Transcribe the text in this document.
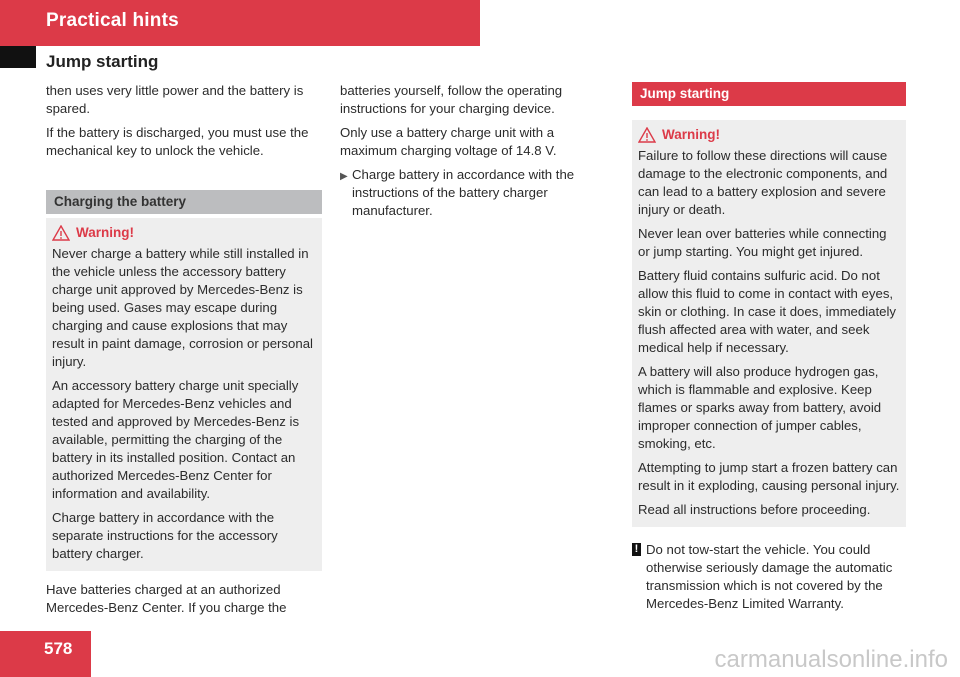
Practical hints
Jump starting

then uses very little power and the battery is spared.

If the battery is discharged, you must use the mechanical key to unlock the vehicle.

Charging the battery
Warning!

Never charge a battery while still installed in the vehicle unless the accessory battery charge unit approved by Mercedes-Benz is being used. Gases may escape during charging and cause explosions that may result in paint damage, corrosion or personal injury.

An accessory battery charge unit specially adapted for Mercedes-Benz vehicles and tested and approved by Mercedes-Benz is available, permitting the charging of the battery in its installed position. Contact an authorized Mercedes-Benz Center for information and availability.

Charge battery in accordance with the separate instructions for the accessory battery charger.

Have batteries charged at an authorized Mercedes-Benz Center. If you charge the

batteries yourself, follow the operating instructions for your charging device.

Only use a battery charge unit with a maximum charging voltage of 14.8 V.

▶ Charge battery in accordance with the instructions of the battery charger manufacturer.
Jump starting
Warning!

Failure to follow these directions will cause damage to the electronic components, and can lead to a battery explosion and severe injury or death.

Never lean over batteries while connecting or jump starting. You might get injured.

Battery fluid contains sulfuric acid. Do not allow this fluid to come in contact with eyes, skin or clothing. In case it does, immediately flush affected area with water, and seek medical help if necessary.

A battery will also produce hydrogen gas, which is flammable and explosive. Keep flames or sparks away from battery, avoid improper connection of jumper cables, smoking, etc.

Attempting to jump start a frozen battery can result in it exploding, causing personal injury.

Read all instructions before proceeding.

! Do not tow-start the vehicle. You could otherwise seriously damage the automatic transmission which is not covered by the Mercedes-Benz Limited Warranty.
578	carmanualsonline.info
